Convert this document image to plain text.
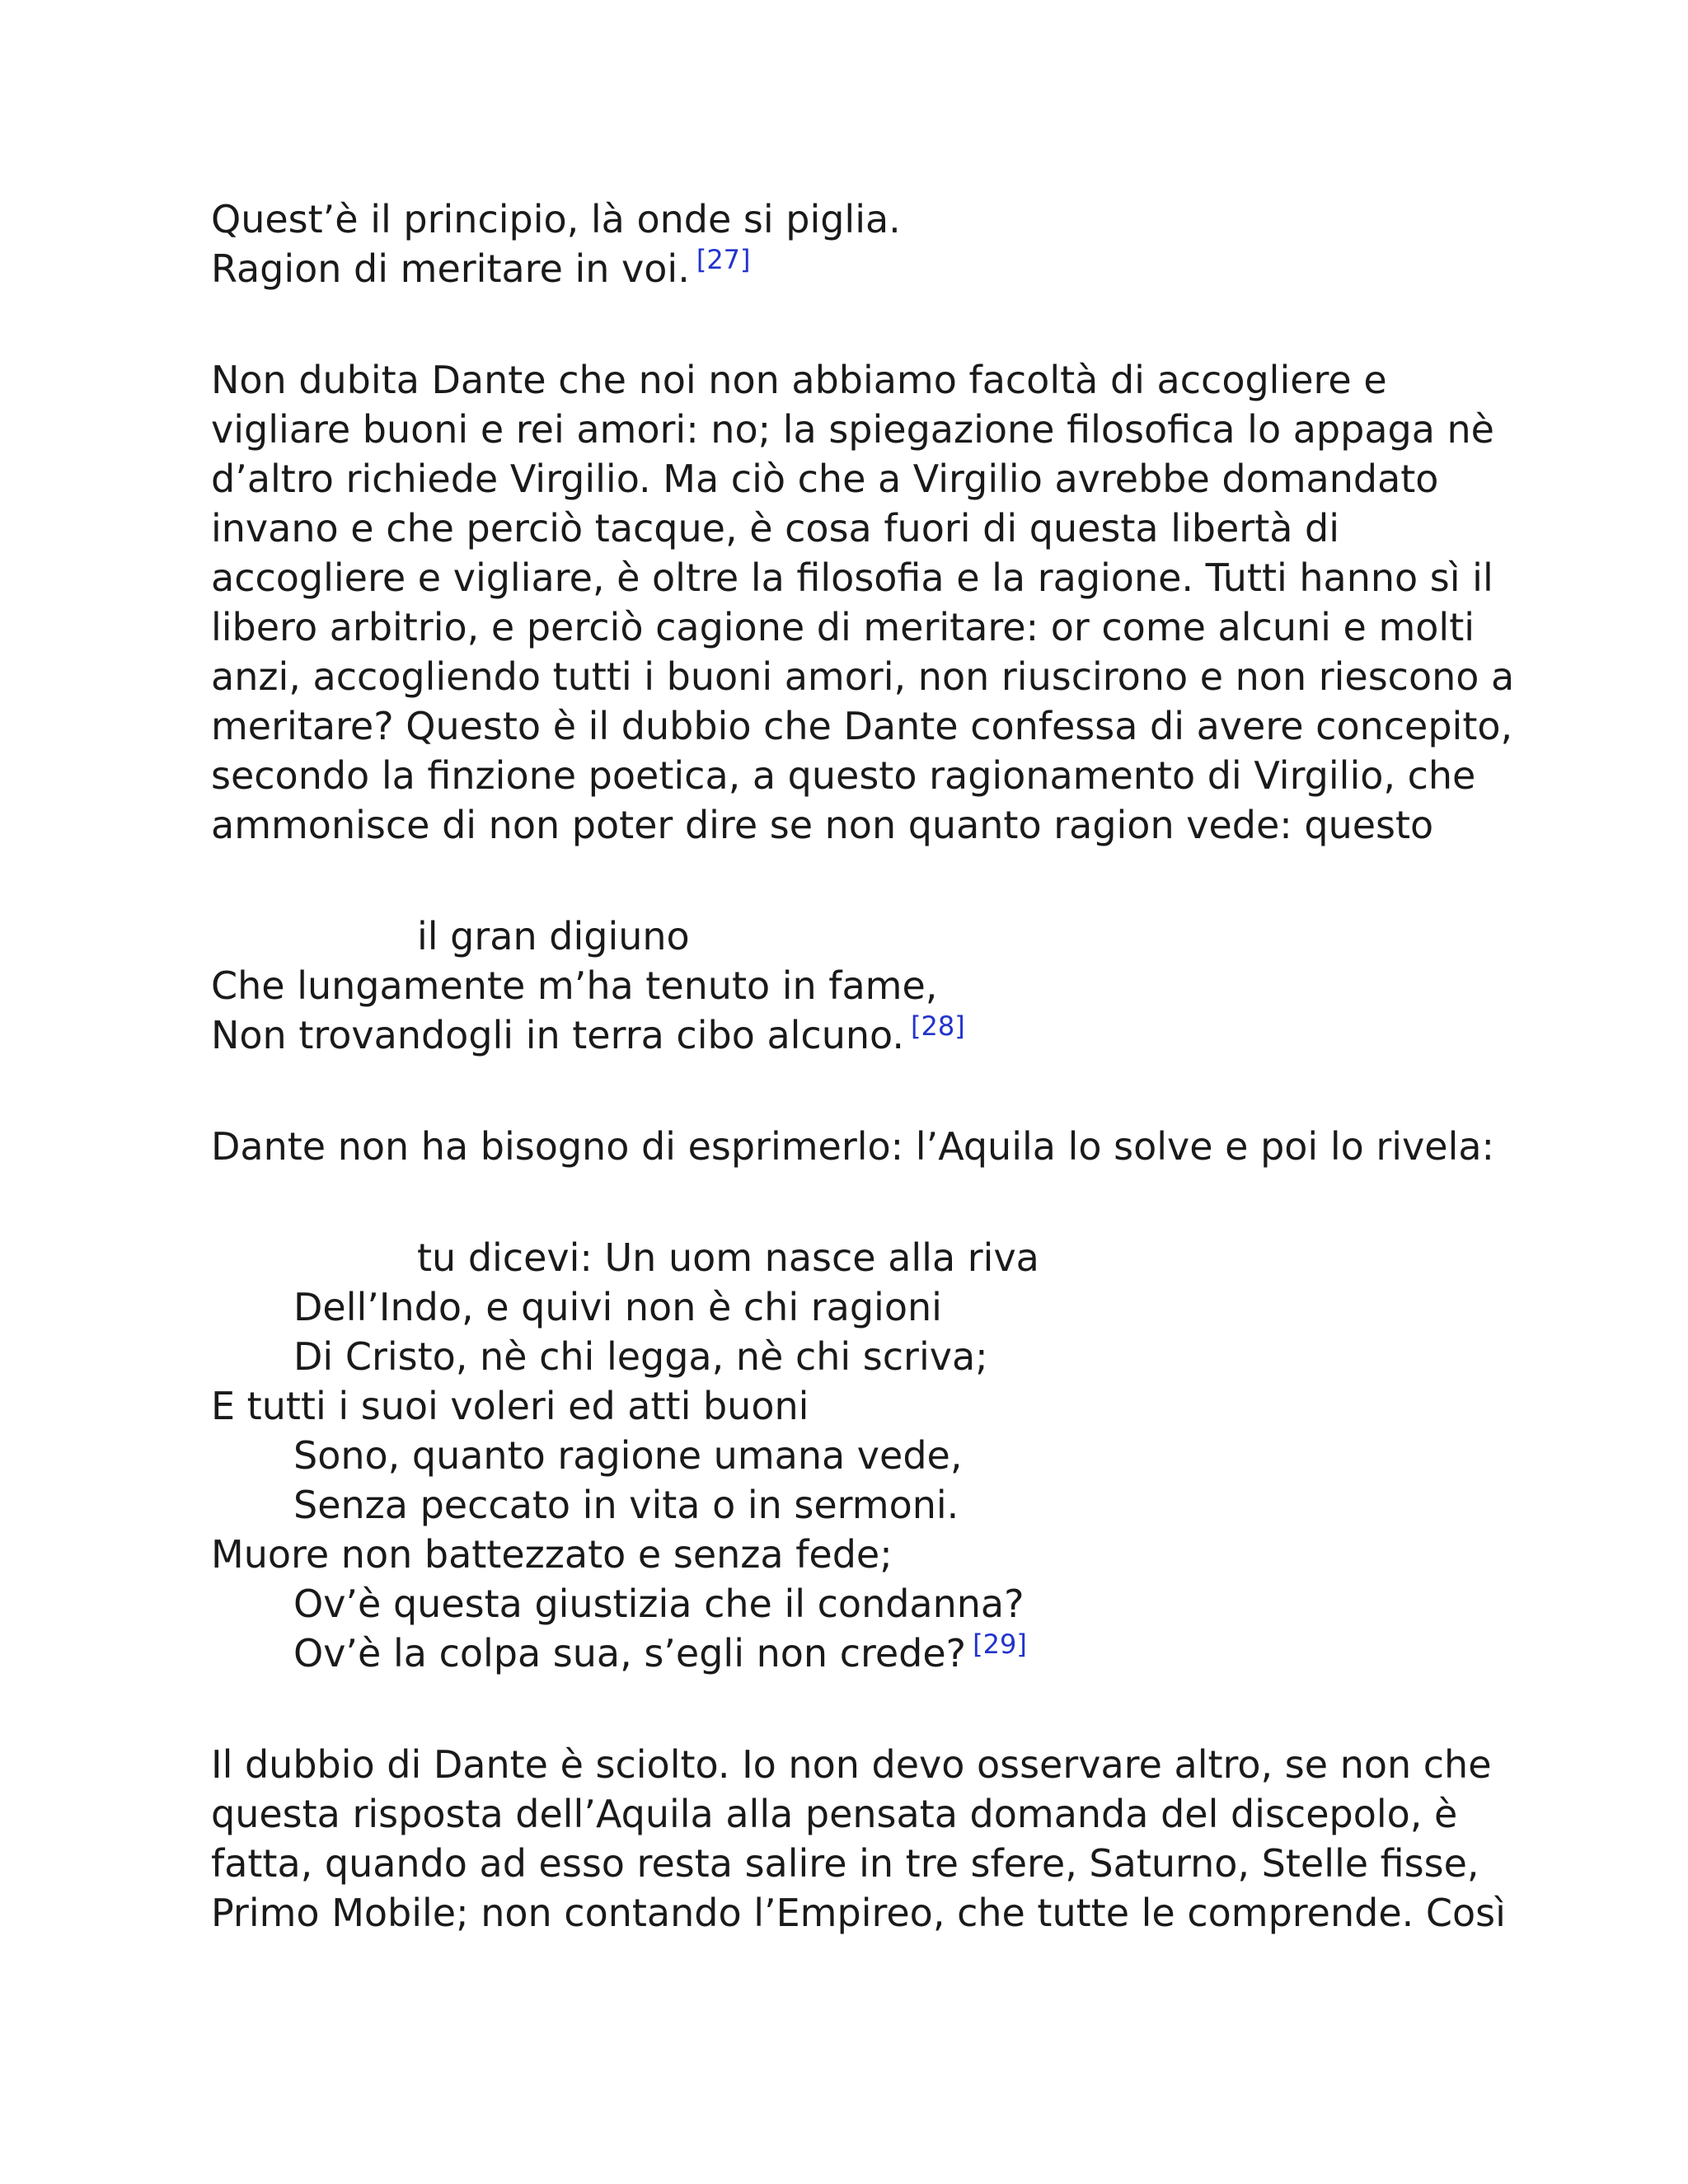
Quest’è il principio, là onde si piglia.
Ragion di meritare in voi. [27]
Non dubita Dante che noi non abbiamo facoltà di accogliere e
vigliare buoni e rei amori: no; la spiegazione filosofica lo appaga nè
d’altro richiede Virgilio. Ma ciò che a Virgilio avrebbe domandato
invano e che perciò tacque, è cosa fuori di questa libertà di
accogliere e vigliare, è oltre la filosofia e la ragione. Tutti hanno sì il
libero arbitrio, e perciò cagione di meritare: or come alcuni e molti
anzi, accogliendo tutti i buoni amori, non riuscirono e non riescono a
meritare? Questo è il dubbio che Dante confessa di avere concepito,
secondo la finzione poetica, a questo ragionamento di Virgilio, che
ammonisce di non poter dire se non quanto ragion vede: questo
il gran digiuno
Che lungamente m’ha tenuto in fame,
Non trovandogli in terra cibo alcuno. [28]
Dante non ha bisogno di esprimerlo: l’Aquila lo solve e poi lo rivela:
tu dicevi: Un uom nasce alla riva
Dell’Indo, e quivi non è chi ragioni
Di Cristo, nè chi legga, nè chi scriva;
E tutti i suoi voleri ed atti buoni
Sono, quanto ragione umana vede,
Senza peccato in vita o in sermoni.
Muore non battezzato e senza fede;
Ov’è questa giustizia che il condanna?
Ov’è la colpa sua, s’egli non crede? [29]
Il dubbio di Dante è sciolto. Io non devo osservare altro, se non che
questa risposta dell’Aquila alla pensata domanda del discepolo, è
fatta, quando ad esso resta salire in tre sfere, Saturno, Stelle fisse,
Primo Mobile; non contando l’Empireo, che tutte le comprende. Così
